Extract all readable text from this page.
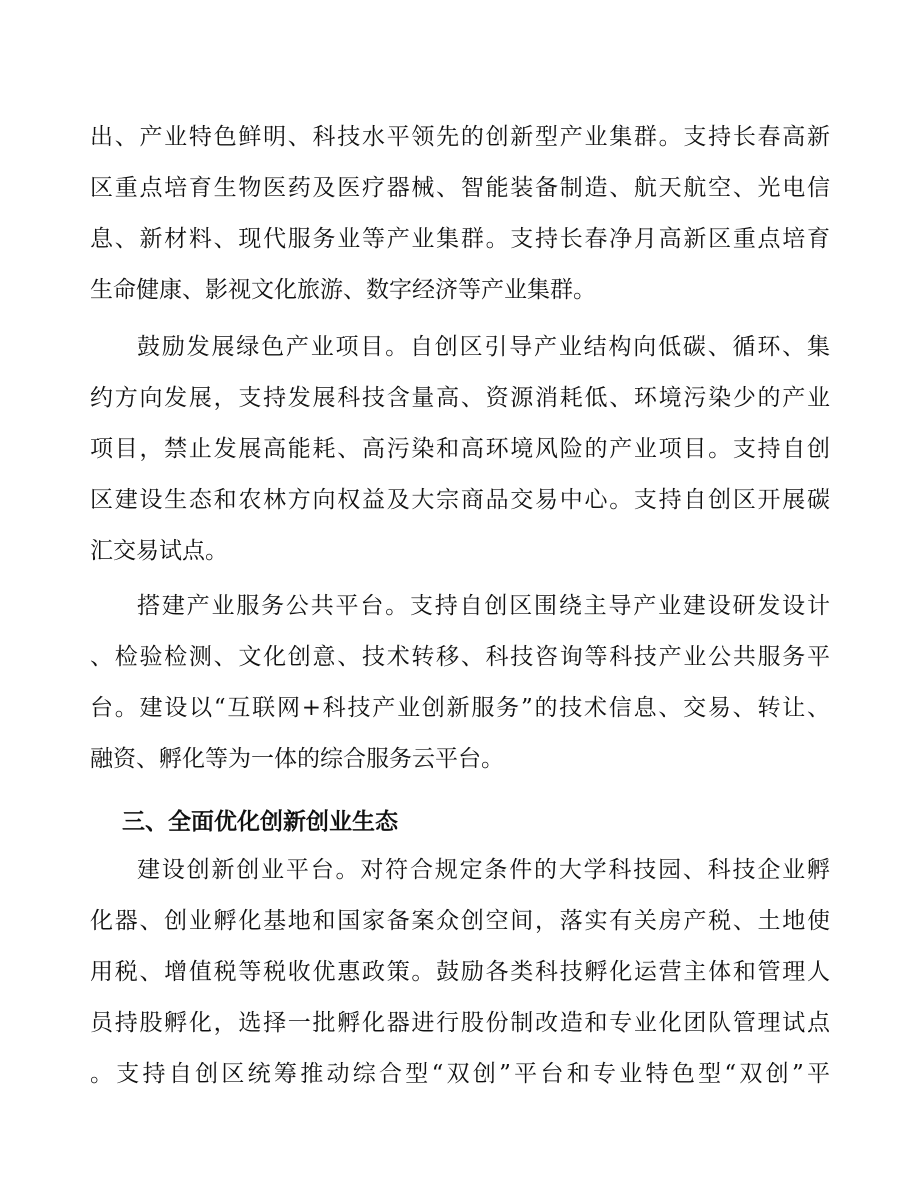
出、产业特色鲜明、科技水平领先的创新型产业集群。支持长春高新
区重点培育生物医药及医疗器械、智能装备制造、航天航空、光电信
息、新材料、现代服务业等产业集群。支持长春净月高新区重点培育
生命健康、影视文化旅游、数字经济等产业集群。
鼓励发展绿色产业项目。自创区引导产业结构向低碳、循环、集
约方向发展，支持发展科技含量高、资源消耗低、环境污染少的产业
项目，禁止发展高能耗、高污染和高环境风险的产业项目。支持自创
区建设生态和农林方向权益及大宗商品交易中心。支持自创区开展碳
汇交易试点。
搭建产业服务公共平台。支持自创区围绕主导产业建设研发设计
、检验检测、文化创意、技术转移、科技咨询等科技产业公共服务平
台。建设以“互联网+科技产业创新服务”的技术信息、交易、转让、
融资、孵化等为一体的综合服务云平台。
三、全面优化创新创业生态
建设创新创业平台。对符合规定条件的大学科技园、科技企业孵
化器、创业孵化基地和国家备案众创空间，落实有关房产税、土地使
用税、增值税等税收优惠政策。鼓励各类科技孵化运营主体和管理人
员持股孵化，选择一批孵化器进行股份制改造和专业化团队管理试点
。支持自创区统筹推动综合型“双创”平台和专业特色型“双创”平
